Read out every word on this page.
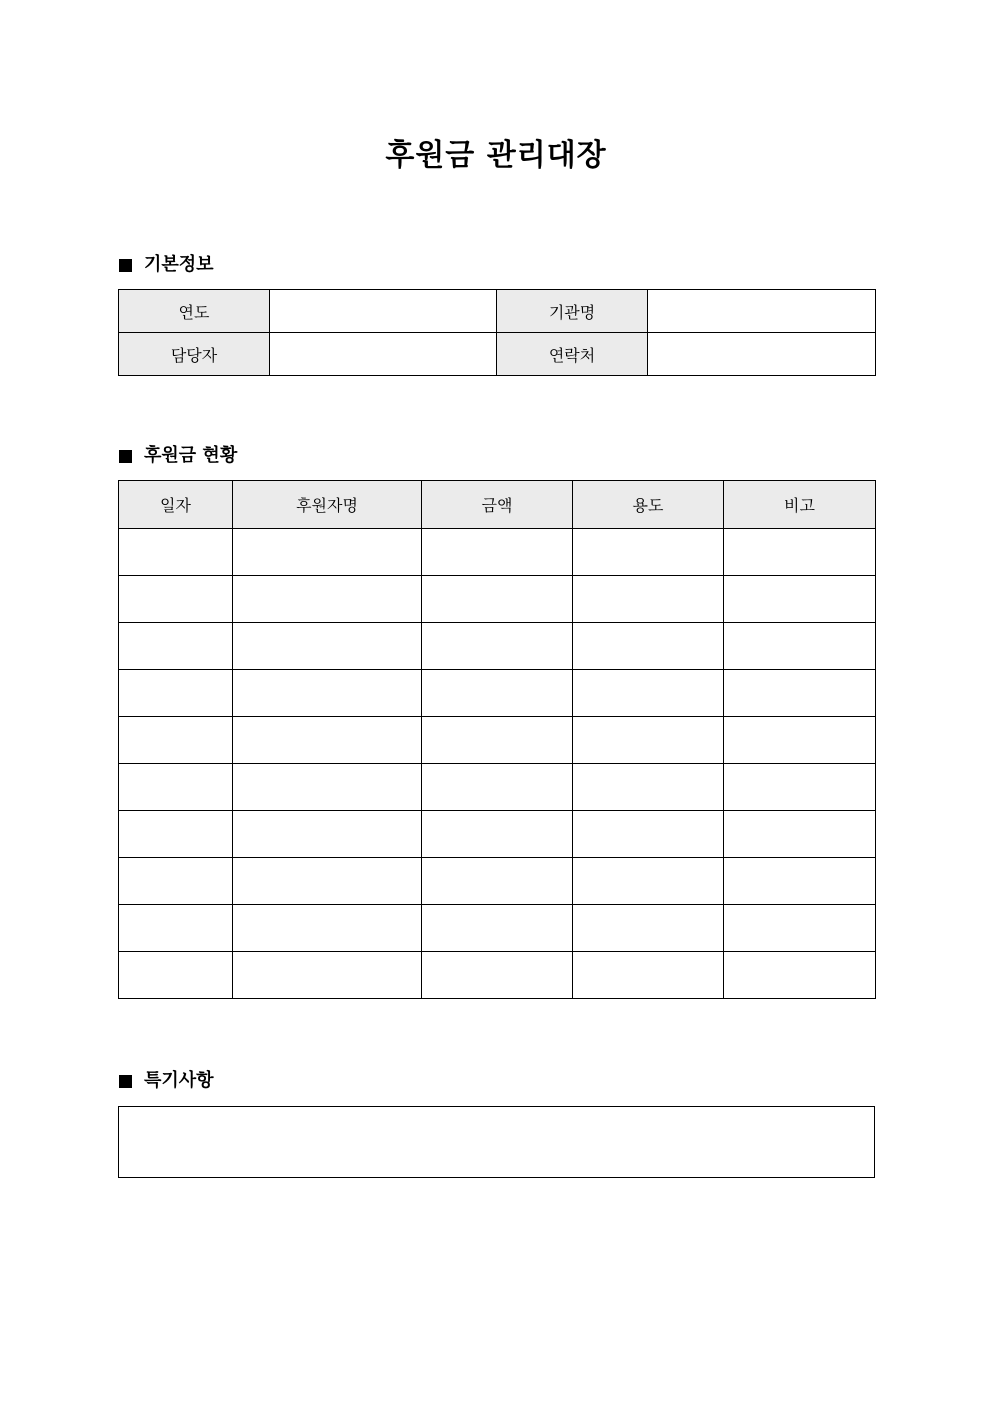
후원금 관리대장
기본정보
연도		기관명	
담당자		연락처	
후원금 현황
일자	후원자명	금액	용도	비고

특기사항
